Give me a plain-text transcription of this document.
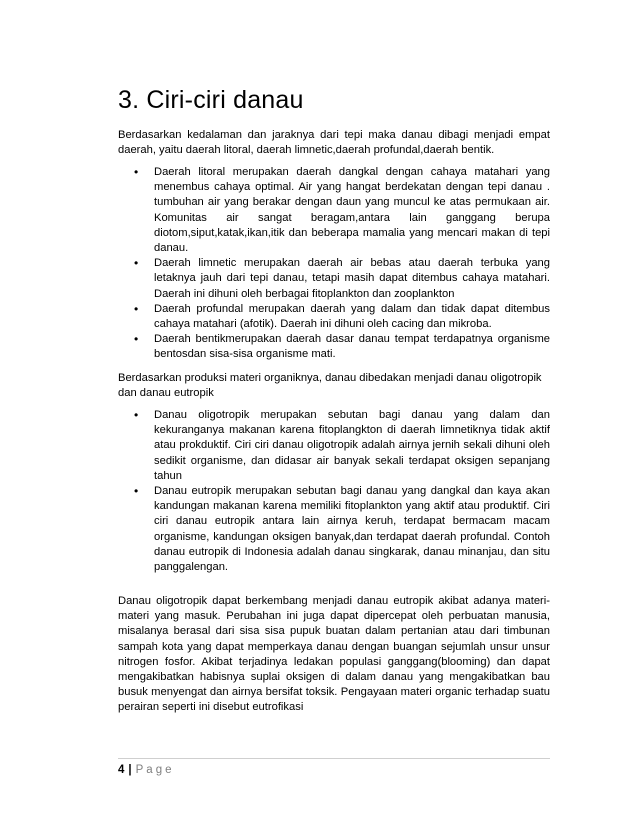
3. Ciri-ciri danau

Berdasarkan kedalaman dan jaraknya dari tepi maka danau dibagi menjadi empat daerah, yaitu daerah litoral, daerah limnetic,daerah profundal,daerah bentik.

• Daerah litoral merupakan daerah dangkal dengan cahaya matahari yang menembus cahaya optimal. Air yang hangat berdekatan dengan tepi danau . tumbuhan air yang berakar dengan daun yang muncul ke atas permukaan air. Komunitas air sangat beragam,antara lain ganggang berupa diotom,siput,katak,ikan,itik dan beberapa mamalia yang mencari makan di tepi danau.
• Daerah limnetic merupakan daerah air bebas atau daerah terbuka yang letaknya jauh dari tepi danau, tetapi masih dapat ditembus cahaya matahari. Daerah ini dihuni oleh berbagai fitoplankton dan zooplankton
• Daerah profundal merupakan daerah yang dalam dan tidak dapat ditembus cahaya matahari (afotik). Daerah ini dihuni oleh cacing dan mikroba.
• Daerah bentikmerupakan daerah dasar danau tempat terdapatnya organisme bentosdan sisa-sisa organisme mati.

Berdasarkan produksi materi organiknya, danau dibedakan menjadi danau oligotropik dan danau eutropik

• Danau oligotropik merupakan sebutan bagi danau yang dalam dan kekuranganya makanan karena fitoplangkton di daerah limnetiknya tidak aktif atau prokduktif. Ciri ciri danau oligotropik adalah airnya jernih sekali dihuni oleh sedikit organisme, dan didasar air banyak sekali terdapat oksigen sepanjang tahun
• Danau eutropik merupakan sebutan bagi danau yang dangkal dan kaya akan kandungan makanan karena memiliki fitoplankton yang aktif atau produktif. Ciri ciri danau eutropik antara lain airnya keruh, terdapat bermacam macam organisme, kandungan oksigen banyak,dan terdapat daerah profundal. Contoh danau eutropik di Indonesia adalah danau singkarak, danau minanjau, dan situ panggalengan.

Danau oligotropik dapat berkembang menjadi danau eutropik akibat adanya materi-materi yang masuk. Perubahan ini juga dapat dipercepat oleh perbuatan manusia, misalanya berasal dari sisa sisa pupuk buatan dalam pertanian atau dari timbunan sampah kota yang dapat memperkaya danau dengan buangan sejumlah unsur unsur nitrogen fosfor. Akibat terjadinya ledakan populasi ganggang(blooming) dan dapat mengakibatkan habisnya suplai oksigen di dalam danau yang mengakibatkan bau busuk menyengat dan airnya bersifat toksik. Pengayaan materi organic terhadap suatu perairan seperti ini disebut eutrofikasi

4 | Page
